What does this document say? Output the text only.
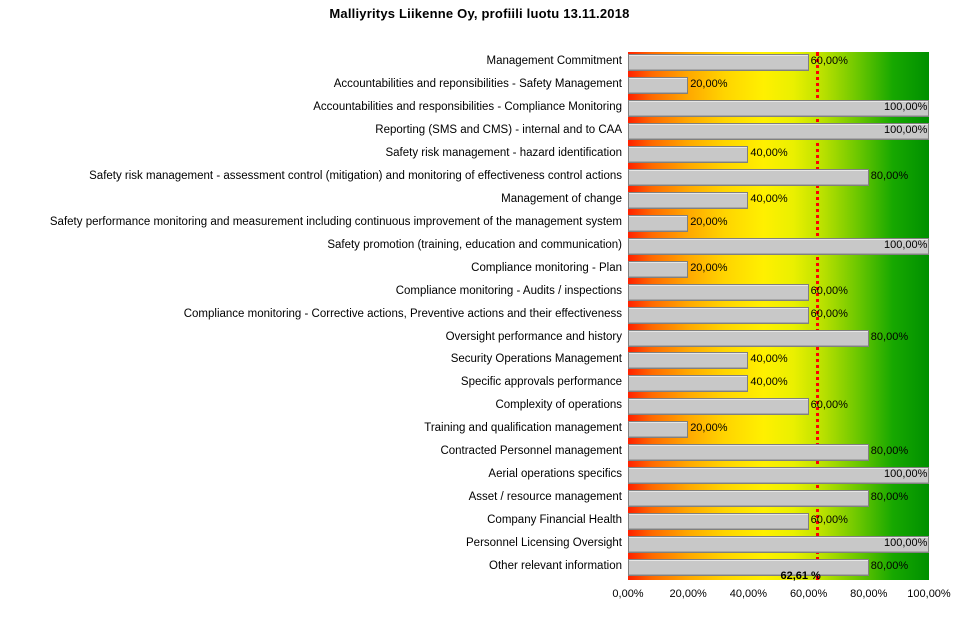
Malliyritys Liikenne Oy, profiili luotu 13.11.2018
60,00%
20,00%
100,00%
100,00%
40,00%
80,00%
40,00%
20,00%
100,00%
20,00%
60,00%
60,00%
80,00%
40,00%
40,00%
60,00%
20,00%
80,00%
100,00%
80,00%
60,00%
100,00%
80,00%
62,61 %
0,00% 20,00% 40,00% 60,00% 80,00% 100,00%
Management Commitment
Accountabilities and reponsibilities - Safety Management
Accountabilities and responsibilities - Compliance Monitoring
Reporting (SMS and CMS) - internal and to CAA
Safety risk management - hazard identification
Safety risk management - assessment control (mitigation) and monitoring of effectiveness control actions
Management of change
Safety performance monitoring and measurement including continuous improvement of the management system
Safety promotion (training, education and communication)
Compliance monitoring - Plan
Compliance monitoring - Audits / inspections
Compliance monitoring - Corrective actions, Preventive actions and their effectiveness
Oversight performance and history
Security Operations Management
Specific approvals performance
Complexity of operations
Training and qualification management
Contracted Personnel management
Aerial operations specifics
Asset / resource management
Company Financial Health
Personnel Licensing Oversight
Other relevant information
